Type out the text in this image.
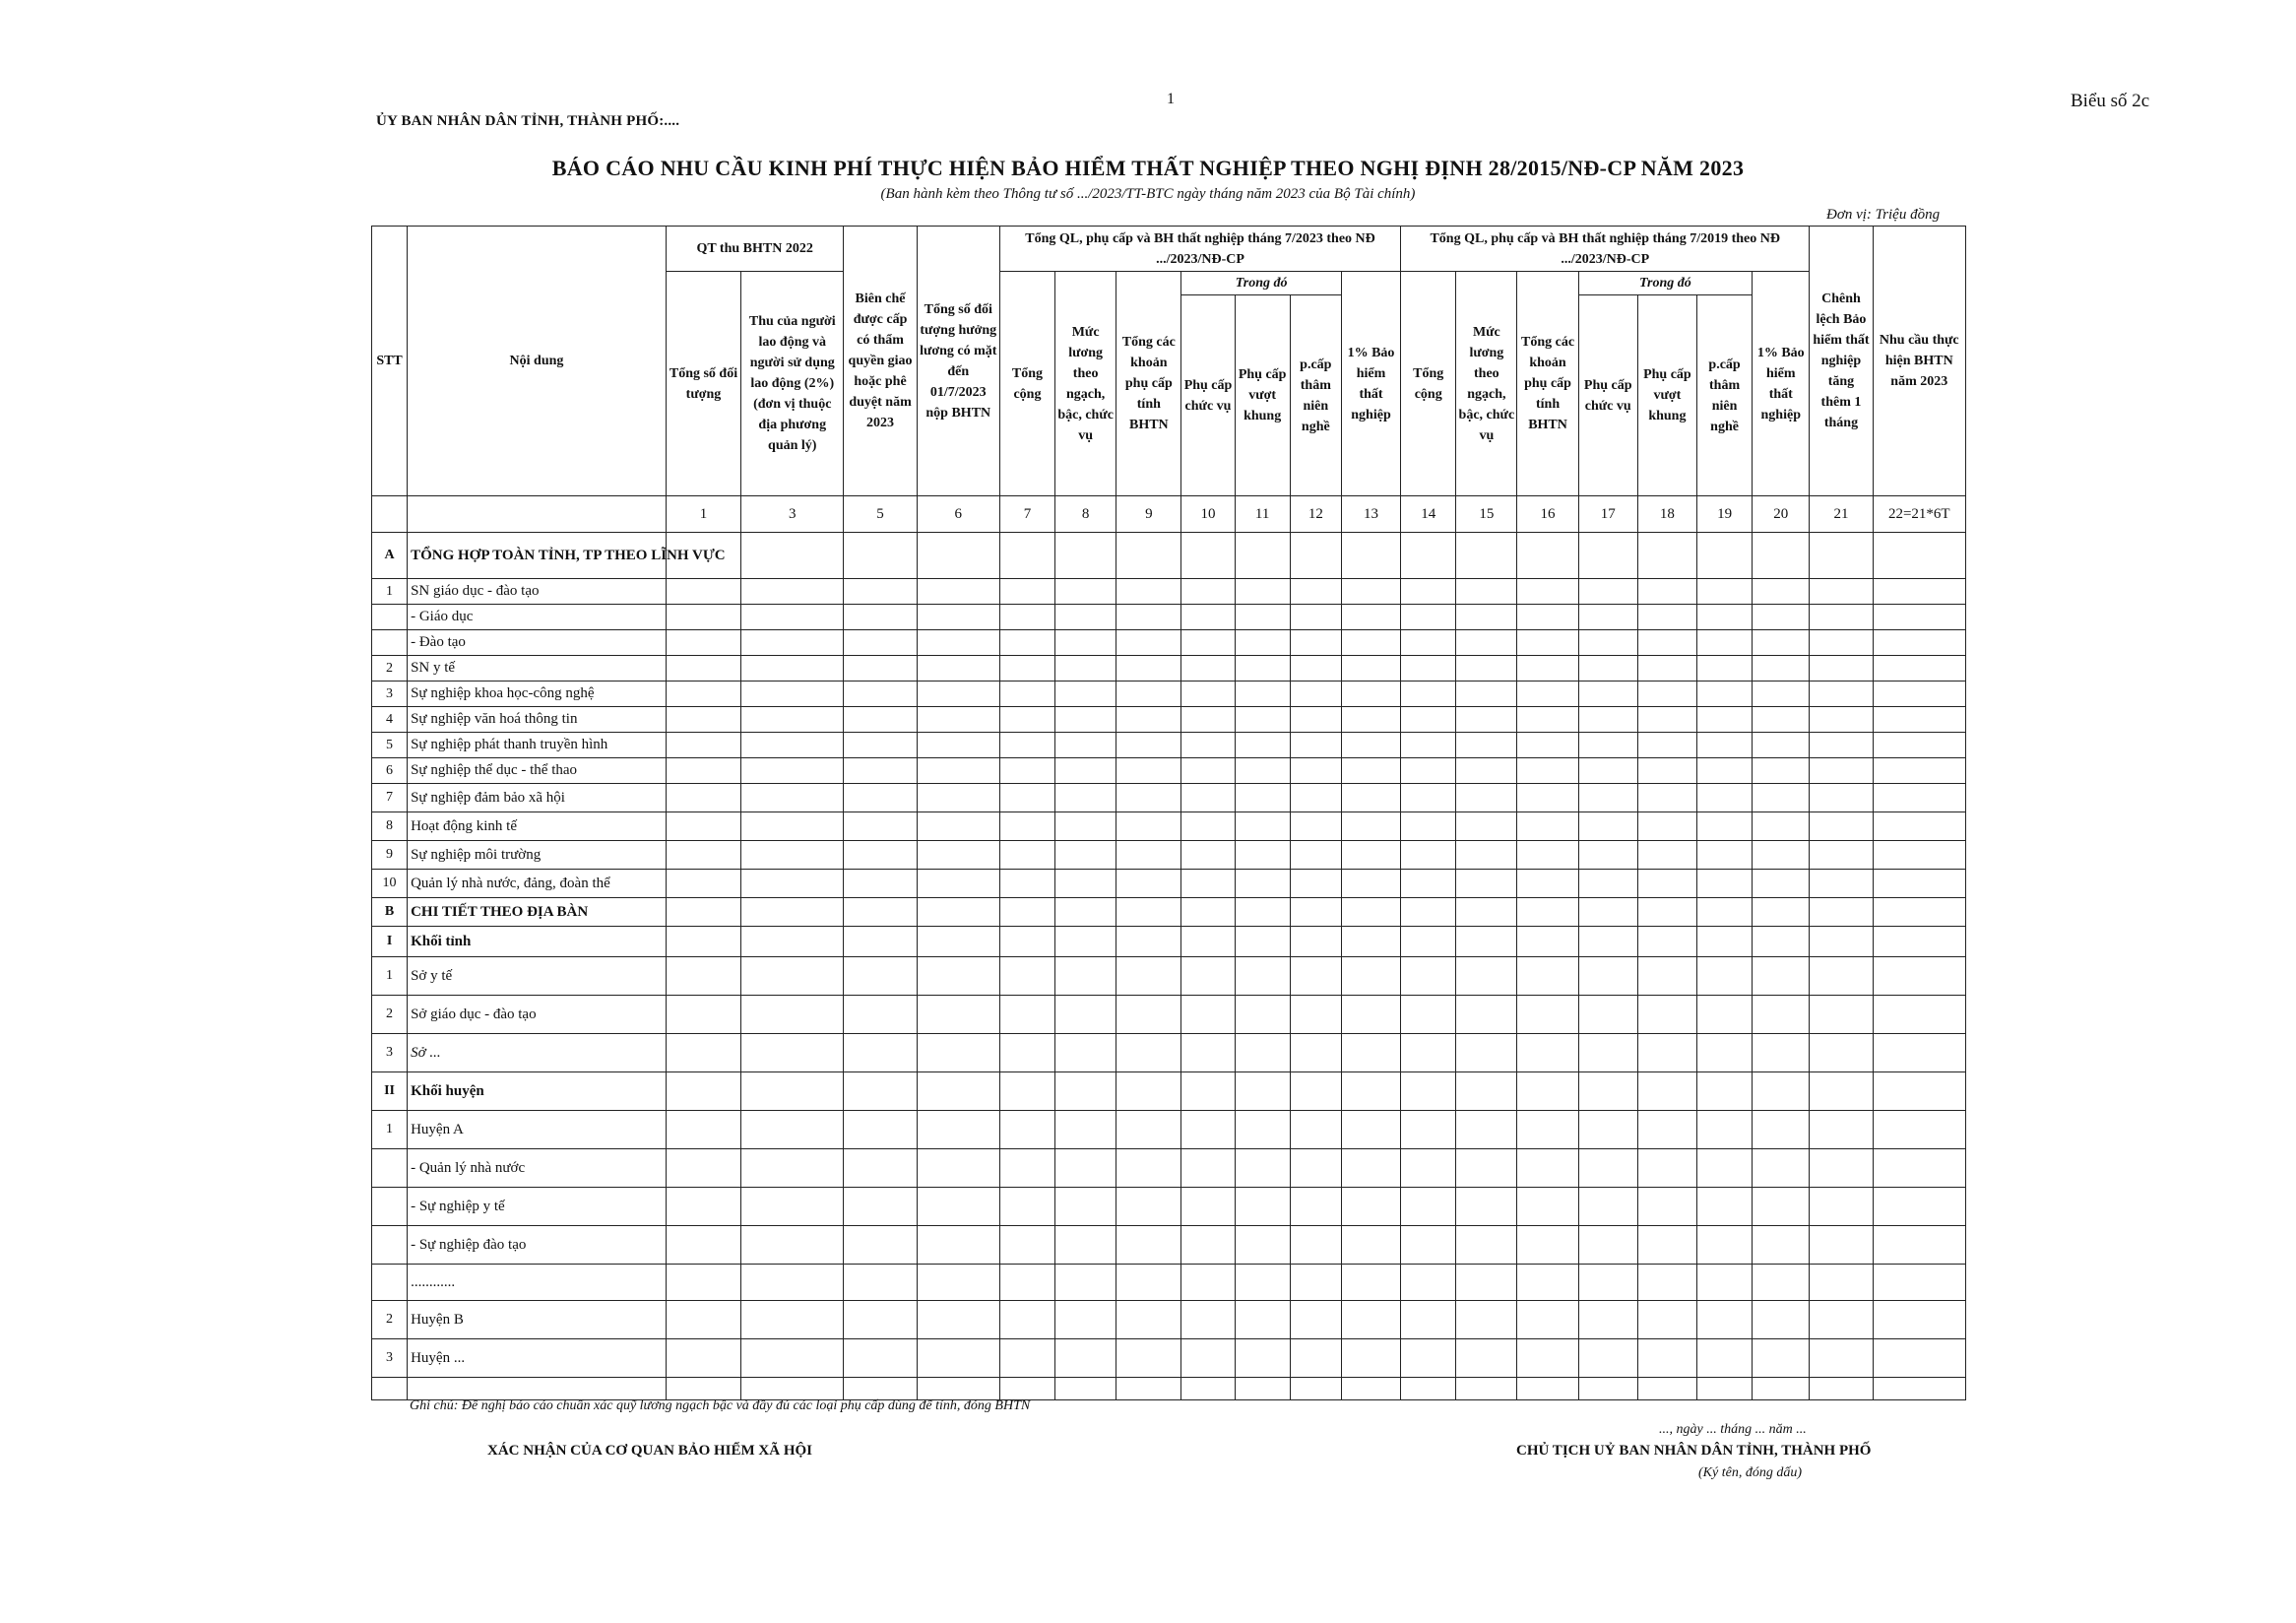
1	Biểu số 2c
ỦY BAN NHÂN DÂN TỈNH, THÀNH PHỐ:....
BÁO CÁO NHU CẦU KINH PHÍ THỰC HIỆN BẢO HIỂM THẤT NGHIỆP THEO NGHỊ ĐỊNH 28/2015/NĐ-CP NĂM 2023
(Ban hành kèm theo Thông tư số .../2023/TT-BTC ngày tháng năm 2023 của Bộ Tài chính)
Đơn vị: Triệu đồng
STT	Nội dung	QT thu BHTN 2022		Biên chế được cấp có thẩm quyền giao hoặc phê duyệt năm 2023	Tổng số đối tượng hưởng lương có mặt đến 01/7/2023 nộp BHTN	Tổng QL, phụ cấp và BH thất nghiệp tháng 7/2023 theo NĐ .../2023/NĐ-CP							Tổng QL, phụ cấp và BH thất nghiệp tháng 7/2019 theo NĐ .../2023/NĐ-CP							Chênh lệch Bảo hiểm thất nghiệp tăng thêm 1 tháng	Nhu cầu thực hiện BHTN năm 2023
		Tổng số đối tượng	Thu của người lao động và người sử dụng lao động (2%) (đơn vị thuộc địa phương quản lý)			Tổng cộng	Mức lương theo ngạch, bậc, chức vụ	Tổng các khoản phụ cấp tính BHTN	Trong đó			1% Bảo hiểm thất nghiệp	Tổng cộng	Mức lương theo ngạch, bậc, chức vụ	Tổng các khoản phụ cấp tính BHTN	Trong đó			1% Bảo hiểm thất nghiệp		
									Phụ cấp chức vụ	Phụ cấp vượt khung	p.cấp thâm niên nghề					Phụ cấp chức vụ	Phụ cấp vượt khung	p.cấp thâm niên nghề			
		1	3	5	6	7	8	9	10	11	12	13	14	15	16	17	18	19	20	21	22=21*6T
A	TỔNG HỢP TOÀN TỈNH, TP THEO LĨNH VỰC																				
1	SN giáo dục - đào tạo																				
	- Giáo dục																				
	- Đào tạo																				
2	SN y tế																				
3	Sự nghiệp khoa học-công nghệ																				
4	Sự nghiệp văn hoá thông tin																				
5	Sự nghiệp phát thanh truyền hình																				
6	Sự nghiệp thể dục - thể thao																				
7	Sự nghiệp đảm bảo xã hội																				
8	Hoạt động kinh tế																				
9	Sự nghiệp môi trường																				
10	Quản lý nhà nước, đảng, đoàn thể																				
B	CHI TIẾT THEO ĐỊA BÀN																				
I	Khối tỉnh																				
1	Sở y tế																				
2	Sở giáo dục - đào tạo																				
3	Sở ...																				
II	Khối huyện																				
1	Huyện A																				
	- Quản lý nhà nước																				
	- Sự nghiệp y tế																				
	- Sự nghiệp đào tạo																				
	............																				
2	Huyện B																				
3	Huyện ...																				

Ghi chú: Đề nghị báo cáo chuẩn xác quỹ lương ngạch bậc và đầy đủ các loại phụ cấp dùng để tính, đóng BHTN
XÁC NHẬN CỦA CƠ QUAN BẢO HIỂM XÃ HỘI
..., ngày ... tháng ... năm ...
CHỦ TỊCH UỶ BAN NHÂN DÂN TỈNH, THÀNH PHỐ
(Ký tên, đóng dấu)
